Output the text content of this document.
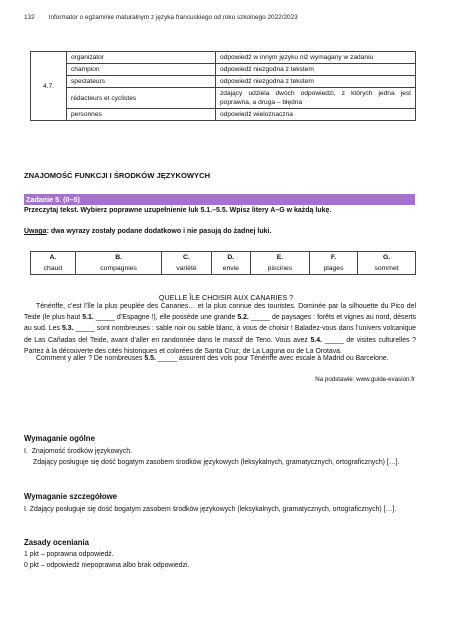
132 Informator o egzaminie maturalnym z języka francuskiego od roku szkolnego 2022/2023
4.7.	organizator	odpowiedź w innym języku niż wymagany w zadaniu
	champion	odpowiedź niezgodna z tekstem
	spectateurs	odpowiedź niezgodna z tekstem
	rédacteurs et cyclistes	zdający udziela dwóch odpowiedzi, z których jedna jest poprawna, a druga – błędna
	personnes	odpowiedź wieloznaczna
ZNAJOMOŚĆ FUNKCJI I ŚRODKÓW JĘZYKOWYCH
Zadanie 5. (0–5)
Przeczytaj tekst. Wybierz poprawne uzupełnienie luk 5.1.–5.5. Wpisz litery A–G w każdą lukę.
Uwaga: dwa wyrazy zostały podane dodatkowo i nie pasują do żadnej luki.
A.	B.	C.	D.	E.	F.	G.
chaud	compagnies	variété	envie	piscines	plages	sommet
QUELLE ÎLE CHOISIR AUX CANARIES ?
Ténériffe, c’est l’île la plus peuplée des Canaries… et la plus connue des touristes. Dominée par la silhouette du Pico del Teide (le plus haut 5.1. _____ d’Espagne !), elle possède une grande 5.2. _____ de paysages : forêts et vignes au nord, déserts au sud. Les 5.3. _____ sont nombreuses : sable noir ou sable blanc, à vous de choisir ! Baladez-vous dans l’univers volcanique de Las Cañadas del Teide, avant d’aller en randonnée dans le massif de Teno. Vous avez 5.4. _____ de visites culturelles ? Partez à la découverte des cités historiques et colorées de Santa Cruz, de La Laguna ou de La Orotava.
Comment y aller ? De nombreuses 5.5. _____ assurent des vols pour Ténériffe avec escale à Madrid ou Barcelone.
Na podstawie: www.guide-evasion.fr
Wymaganie ogólne
I. Znajomość środków językowych.
Zdający posługuje się dość bogatym zasobem środków językowych (leksykalnych, gramatycznych, ortograficznych) […].
Wymaganie szczegółowe
I. Zdający posługuje się dość bogatym zasobem środków językowych (leksykalnych, gramatycznych, ortograficznych) […].
Zasady oceniania
1 pkt – poprawna odpowiedź.
0 pkt – odpowiedź niepoprawna albo brak odpowiedzi.
